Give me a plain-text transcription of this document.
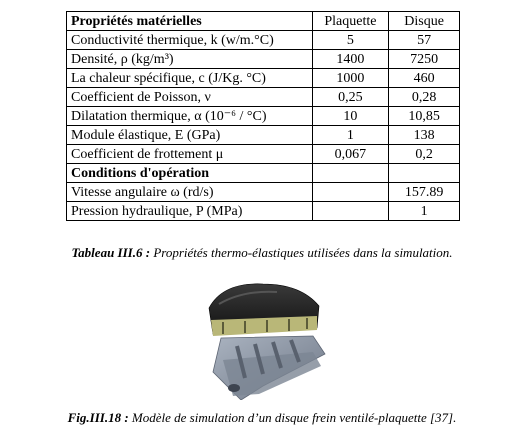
Propriétés matérielles	Plaquette	Disque
Conductivité thermique, k (w/m.°C)	5	57
Densité, ρ (kg/m³)	1400	7250
La chaleur spécifique, c (J/Kg. °C)	1000	460
Coefficient de Poisson, ν	0,25	0,28
Dilatation thermique, α (10⁻⁶ / °C)	10	10,85
Module élastique, E (GPa)	1	138
Coefficient de frottement μ	0,067	0,2
Conditions d'opération		
Vitesse angulaire ω (rd/s)		157.89
Pression hydraulique, P (MPa)		1
Tableau III.6 : Propriétés thermo-élastiques utilisées dans la simulation.
Fig.III.18 : Modèle de simulation d’un disque frein ventilé-plaquette [37].
